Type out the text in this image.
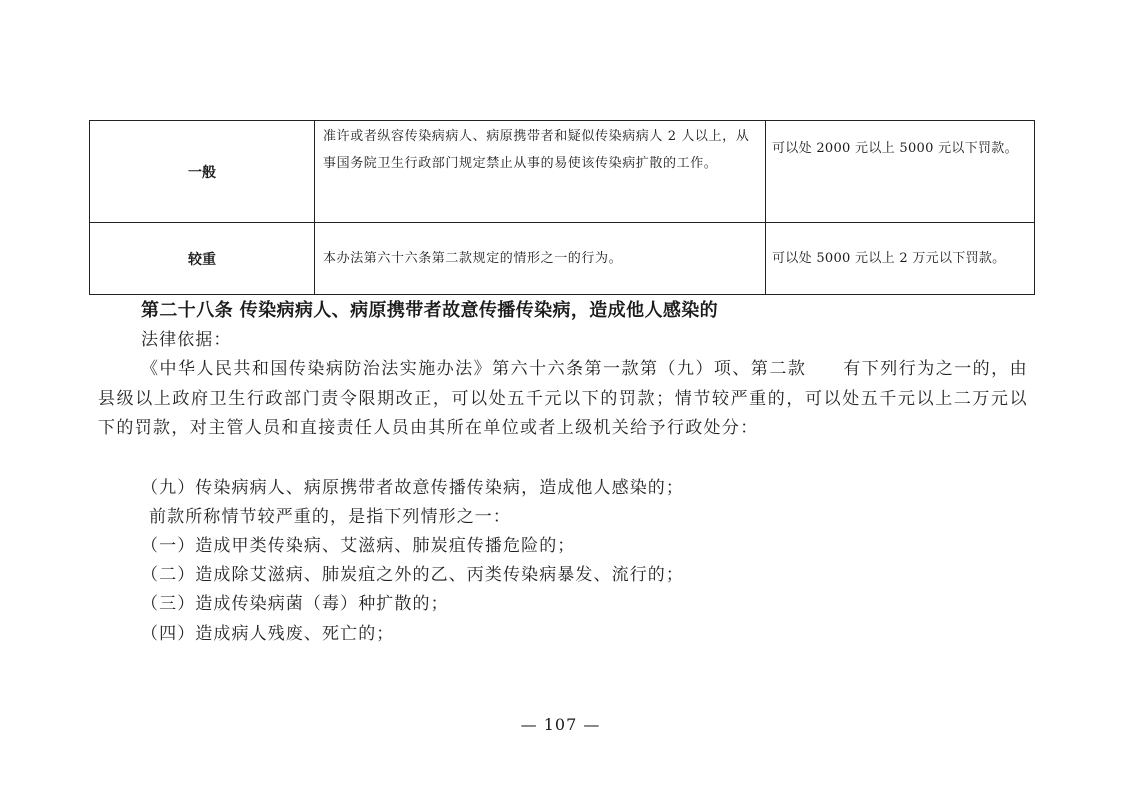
一般	准许或者纵容传染病病人、病原携带者和疑似传染病病人 2 人以上，从事国务院卫生行政部门规定禁止从事的易使该传染病扩散的工作。	可以处 2000 元以上 5000 元以下罚款。
较重	本办法第六十六条第二款规定的情形之一的行为。	可以处 5000 元以上 2 万元以下罚款。
第二十八条 传染病病人、病原携带者故意传播传染病，造成他人感染的
法律依据：
《中华人民共和国传染病防治法实施办法》第六十六条第一款第（九）项、第二款　　有下列行为之一的，由县级以上政府卫生行政部门责令限期改正，可以处五千元以下的罚款；情节较严重的，可以处五千元以上二万元以下的罚款，对主管人员和直接责任人员由其所在单位或者上级机关给予行政处分：
（九）传染病病人、病原携带者故意传播传染病，造成他人感染的；
前款所称情节较严重的，是指下列情形之一：
（一）造成甲类传染病、艾滋病、肺炭疽传播危险的；
（二）造成除艾滋病、肺炭疽之外的乙、丙类传染病暴发、流行的；
（三）造成传染病菌（毒）种扩散的；
（四）造成病人残废、死亡的；
— 107 —
